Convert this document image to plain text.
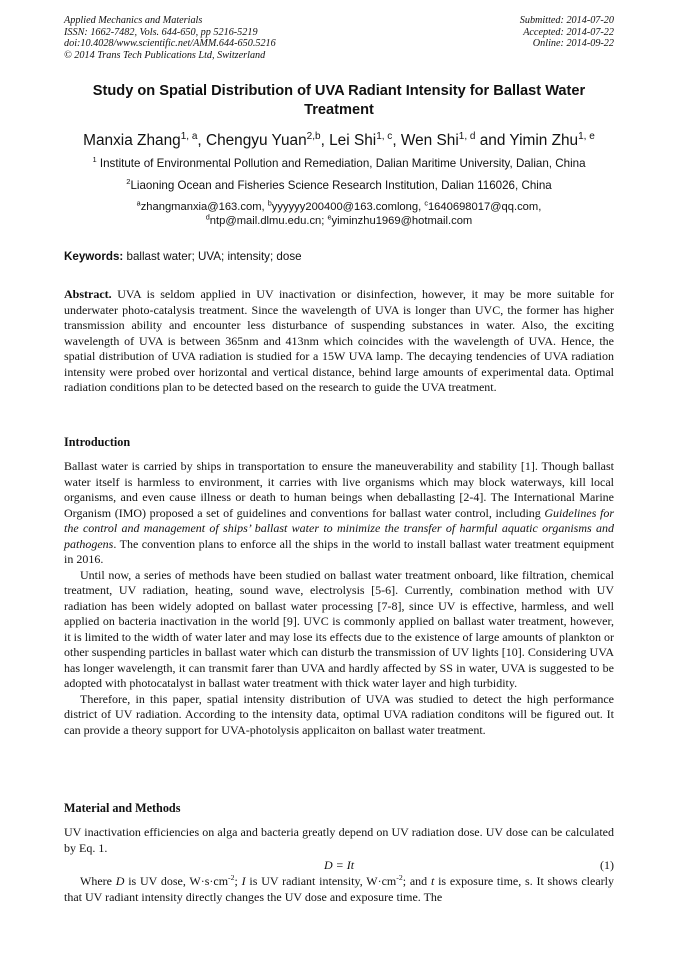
Applied Mechanics and Materials
ISSN: 1662-7482, Vols. 644-650, pp 5216-5219
doi:10.4028/www.scientific.net/AMM.644-650.5216
© 2014 Trans Tech Publications Ltd, Switzerland
Submitted: 2014-07-20
Accepted: 2014-07-22
Online: 2014-09-22
Study on Spatial Distribution of UVA Radiant Intensity for Ballast Water Treatment
Manxia Zhang$^{1, a}$, Chengyu Yuan$^{2,b}$, Lei Shi$^{1, c}$, Wen Shi$^{1, d}$ and Yimin Zhu$^{1, e}$
$^1$ Institute of Environmental Pollution and Remediation, Dalian Maritime University, Dalian, China
$^2$Liaoning Ocean and Fisheries Science Research Institution, Dalian 116026, China
$^a$zhangmanxia@163.com, $^b$yyyyyy200400@163.comlong, $^c$1640698017@qq.com,
$^d$ntp@mail.dlmu.edu.cn; $^e$yiminzhu1969@hotmail.com
Keywords: ballast water; UVA; intensity; dose

Abstract. UVA is seldom applied in UV inactivation or disinfection, however, it may be more suitable for underwater photo-catalysis treatment. Since the wavelength of UVA is longer than UVC, the former has higher transmission ability and encounter less disturbance of suspending substances in water. Also, the exciting wavelength of UVA is between 365nm and 413nm which coincides with the wavelength of UVA. Hence, the spatial distribution of UVA radiation is studied for a 15W UVA lamp. The decaying tendencies of UVA radiation intensity were probed over horizontal and vertical distance, behind large amounts of experimental data. Optimal radiation conditions plan to be detected based on the research to guide the UVA treatment.

Introduction

Ballast water is carried by ships in transportation to ensure the maneuverability and stability [1]. Though ballast water itself is harmless to environment, it carries with live organisms which may block waterways, kill local organisms, and even cause illness or death to human beings when deballasting [2-4]. The International Marine Organism (IMO) proposed a set of guidelines and conventions for ballast water control, including Guidelines for the control and management of ships’ ballast water to minimize the transfer of harmful aquatic organisms and pathogens. The convention plans to enforce all the ships in the world to install ballast water treatment equipment in 2016.

Until now, a series of methods have been studied on ballast water treatment onboard, like filtration, chemical treatment, UV radiation, heating, sound wave, electrolysis [5-6]. Currently, combination method with UV radiation has been widely adopted on ballast water processing [7-8], since UV is effective, harmless, and well applied on bacteria inactivation in the world [9]. UVC is commonly applied on ballast water treatment, however, it is limited to the width of water later and may lose its effects due to the existence of large amounts of plankton or other suspending particles in ballast water which can disturb the transmission of UV lights [10]. Considering UVA has longer wavelength, it can transmit farer than UVA and hardly affected by SS in water, UVA is suggested to be adopted with photocatalyst in ballast water treatment with thick water layer and high turbidity.

Therefore, in this paper, spatial intensity distribution of UVA was studied to detect the high performance district of UV radiation. According to the intensity data, optimal UVA radiation conditons will be figured out. It can provide a theory support for UVA-photolysis applicaiton on ballast water treatment.

Material and Methods
UV inactivation efficiencies on alga and bacteria greatly depend on UV radiation dose. UV dose can be calculated by Eq. 1.
D = It	(1)
Where D is UV dose, $W\cdot s\cdot cm^{-2}$; I is UV radiant intensity, $W\cdot cm^{-2}$; and t is exposure time, s. It shows clearly that UV radiant intensity directly changes the UV dose and exposure time. The
